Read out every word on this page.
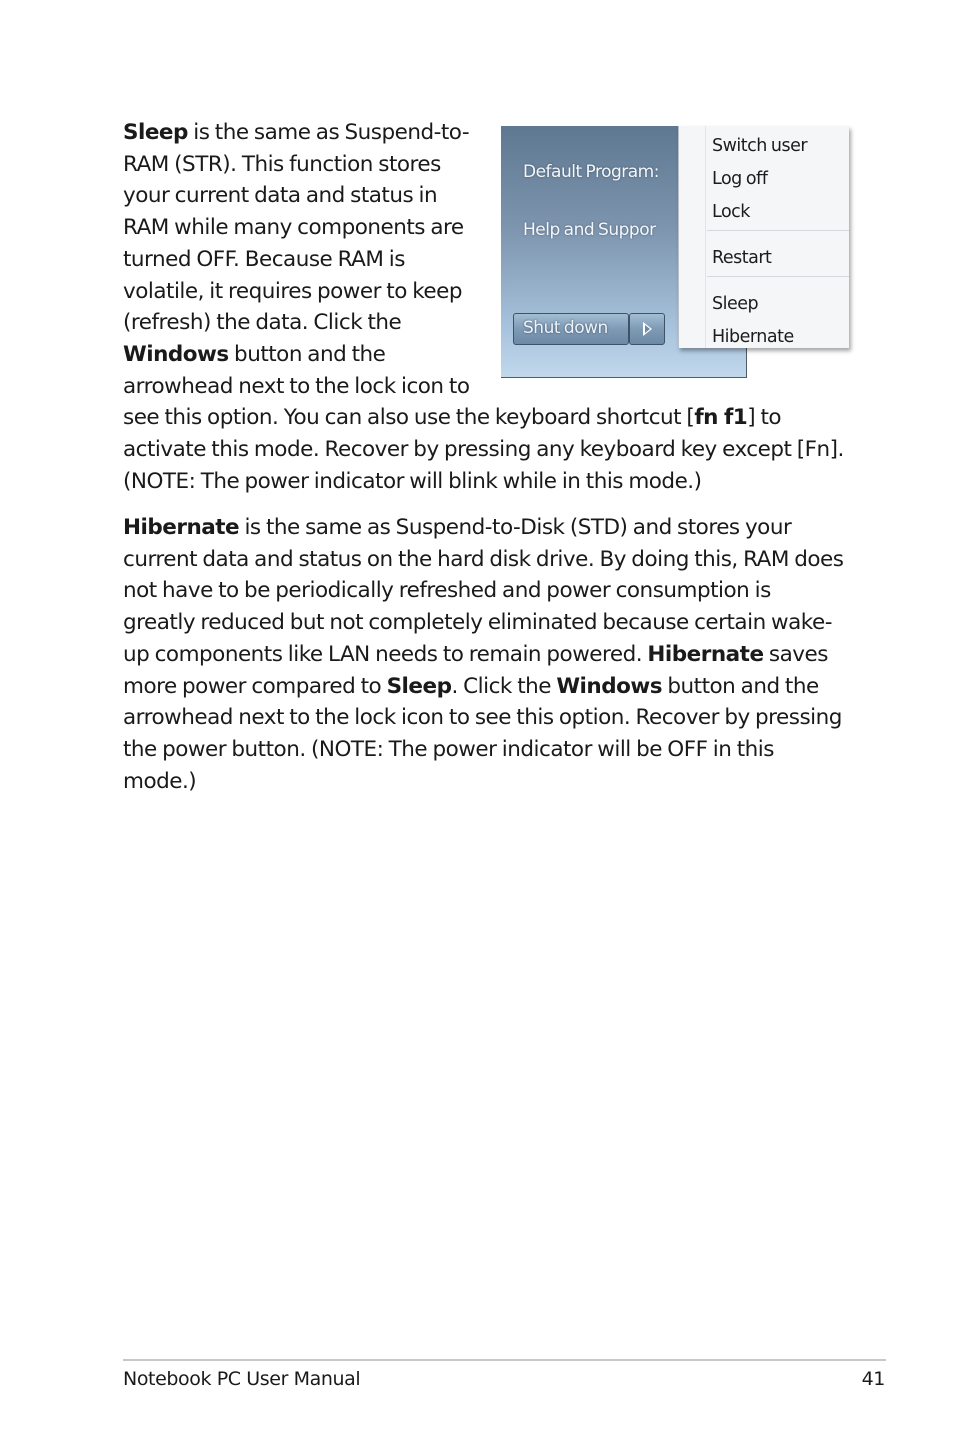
Default Program:
Help and Suppor
Shut down
Switch user
Log off
Lock
Restart
Sleep
Hibernate
Sleep is the same as Suspend-to-RAM (STR). This function stores your current data and status in RAM while many components are turned OFF. Because RAM is volatile, it requires power to keep (refresh) the data. Click the Windows button and the arrowhead next to the lock icon to see this option. You can also use the keyboard shortcut [fn f1] to activate this mode. Recover by pressing any keyboard key except [Fn]. (NOTE: The power indicator will blink while in this mode.)
Hibernate is the same as Suspend-to-Disk (STD) and stores your current data and status on the hard disk drive. By doing this, RAM does not have to be periodically refreshed and power consumption is greatly reduced but not completely eliminated because certain wake-up components like LAN needs to remain powered. Hibernate saves more power compared to Sleep. Click the Windows button and the arrowhead next to the lock icon to see this option. Recover by pressing the power button. (NOTE: The power indicator will be OFF in this mode.)
Notebook PC User Manual	41
